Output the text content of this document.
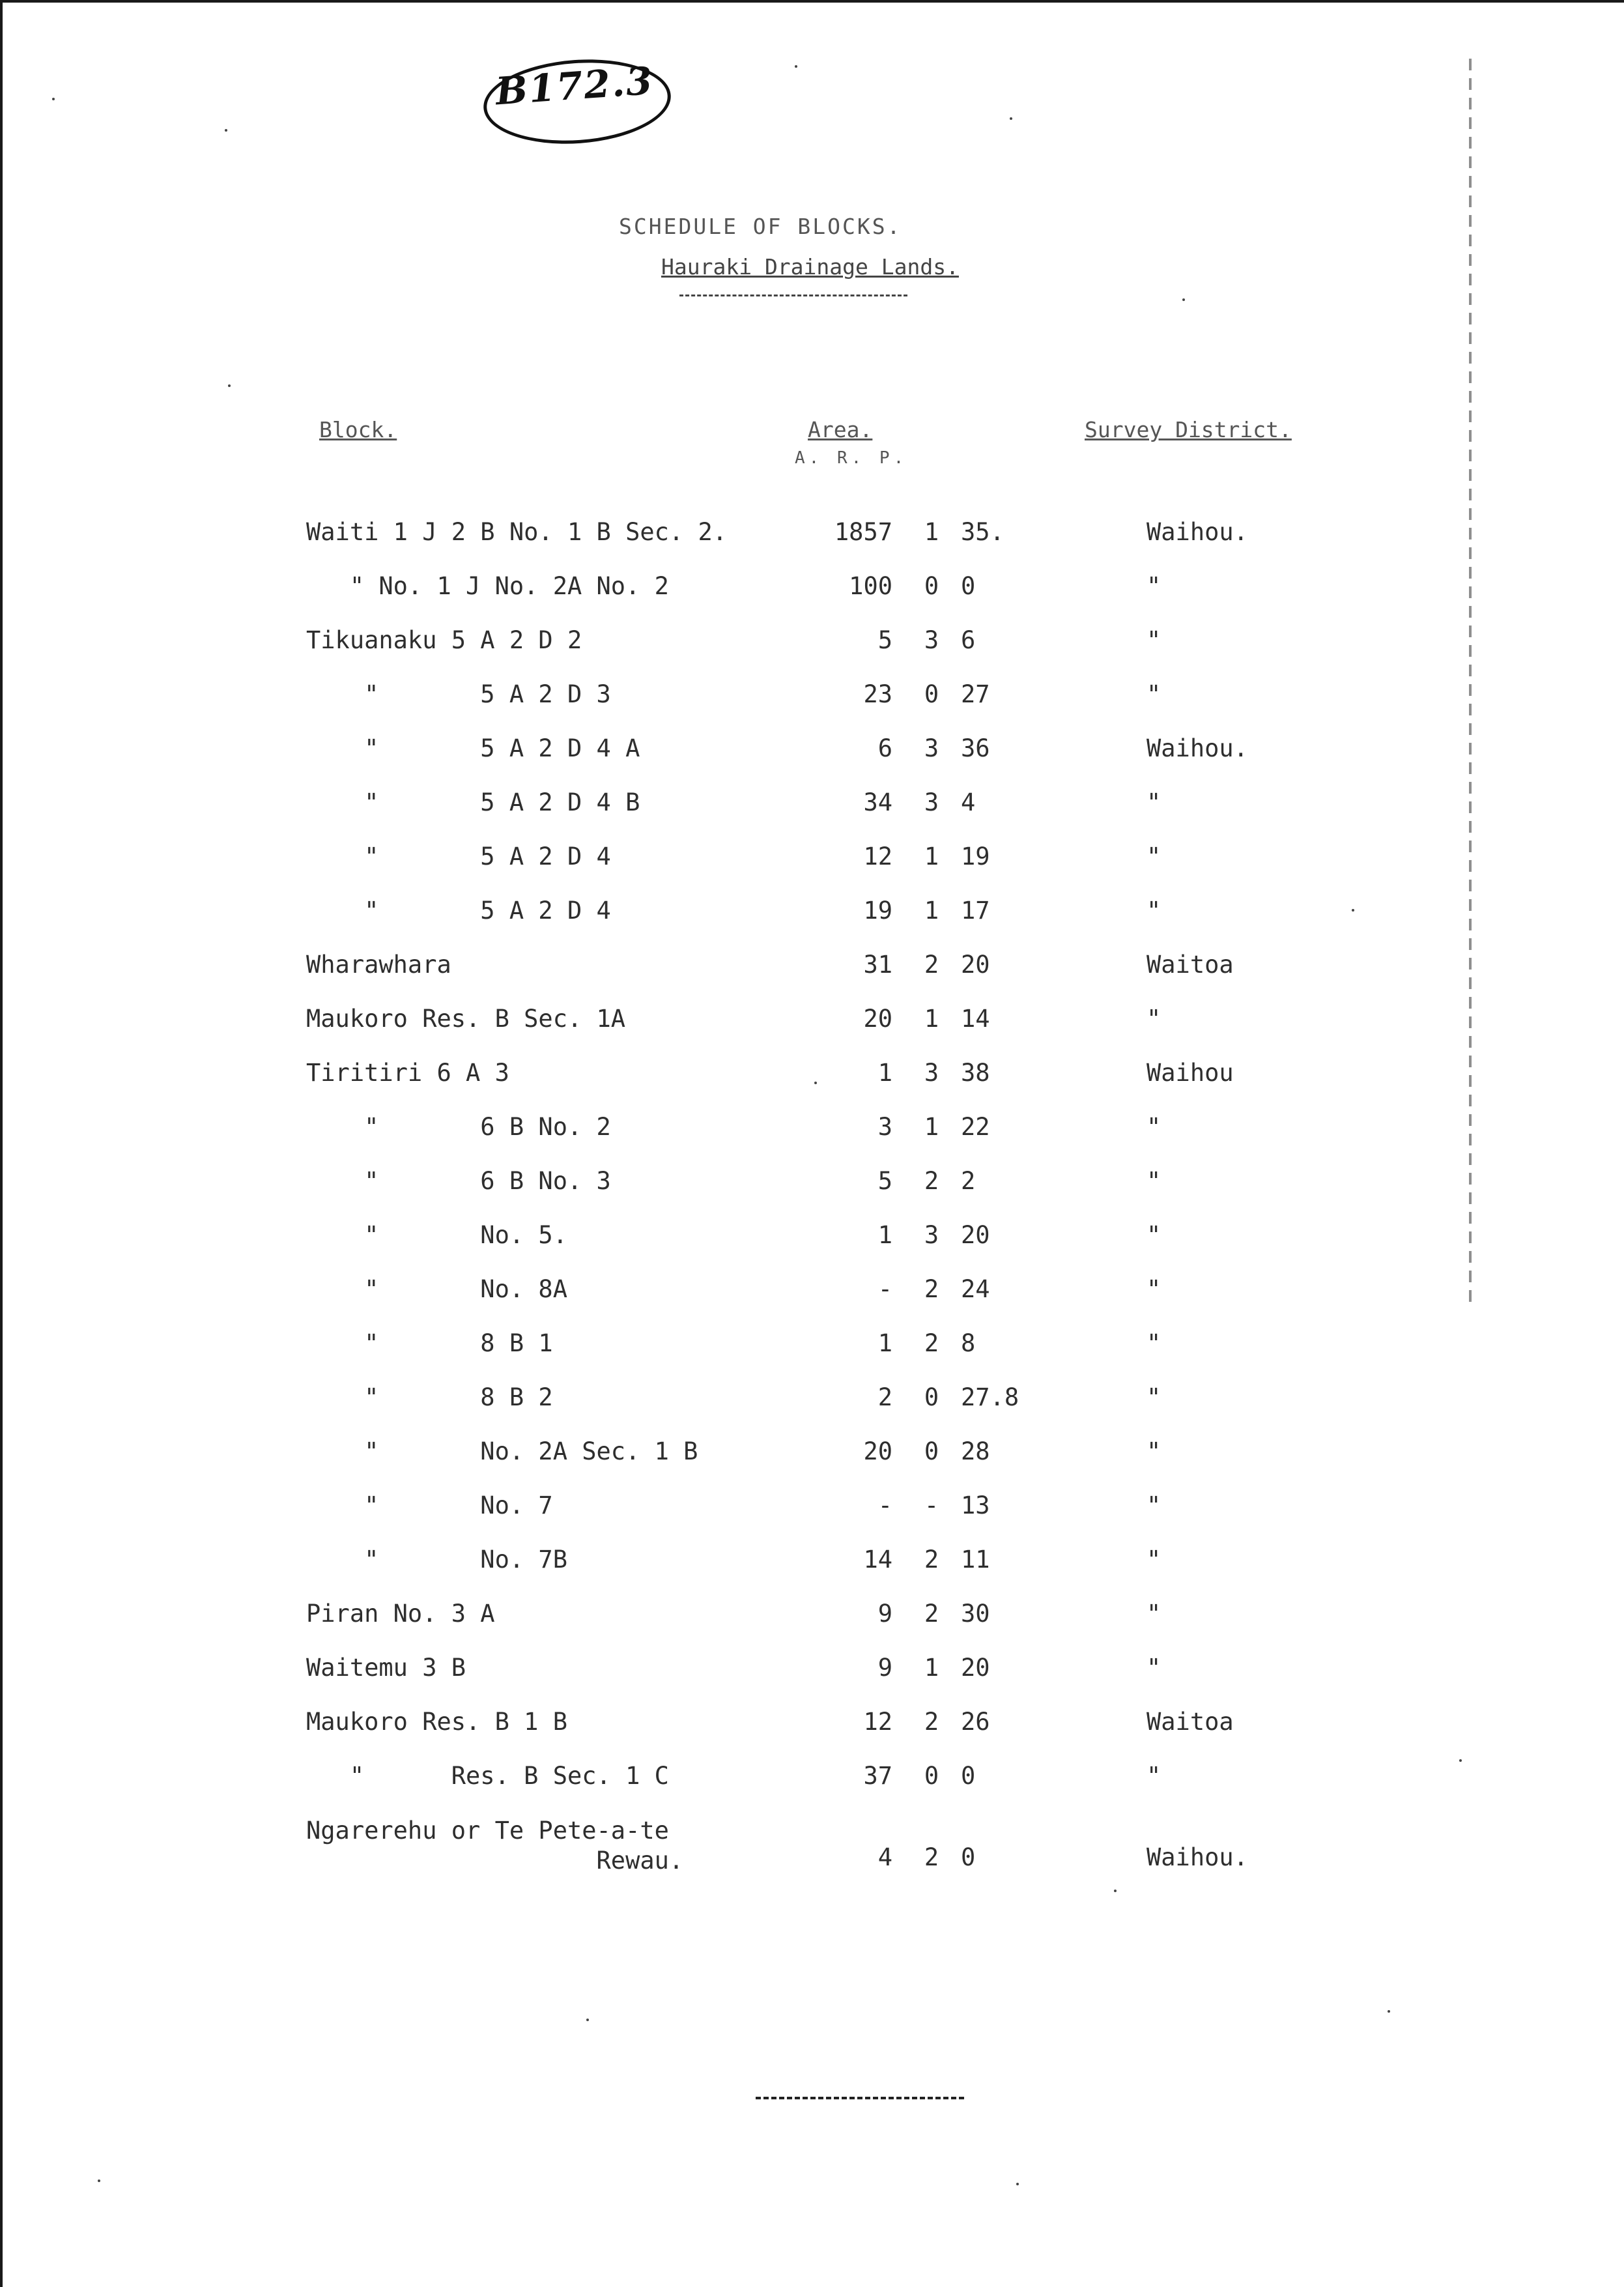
B172.3
SCHEDULE OF BLOCKS.
Hauraki Drainage Lands.
Block.	Area.
A. R. P.
Survey District.
Waiti 1 J 2 B No. 1 B Sec. 2.	1857	1 35.	Waihou.
" No. 1 J No. 2A No. 2	100	0 0	"
Tikuanaku 5 A 2 D 2	5	3 6	"
"       5 A 2 D 3	23	0 27	"
"       5 A 2 D 4 A	6	3 36	Waihou.
"       5 A 2 D 4 B	34	3 4	"
"       5 A 2 D 4	12	1 19	"
"       5 A 2 D 4	19	1 17	"
Wharawhara	31	2 20	Waitoa
Maukoro Res. B Sec. 1A	20	1 14	"
Tiritiri 6 A 3	1	3 38	Waihou
"       6 B No. 2	3	1 22	"
"       6 B No. 3	5	2 2	"
"       No. 5.	1	3 20	"
"       No. 8A	-	2 24	"
"       8 B 1	1	2 8	"
"       8 B 2	2	0 27.8	"
"       No. 2A Sec. 1 B	20	0 28	"
"       No. 7	-	- 13	"
"       No. 7B	14	2 11	"
Piran No. 3 A	9	2 30	"
Waitemu 3 B	9	1 20	"
Maukoro Res. B 1 B	12	2 26	Waitoa
"      Res. B Sec. 1 C	37	0 0	"
Ngarerehu or Te Pete-a-te
Rewau.	4	2 0	Waihou.
